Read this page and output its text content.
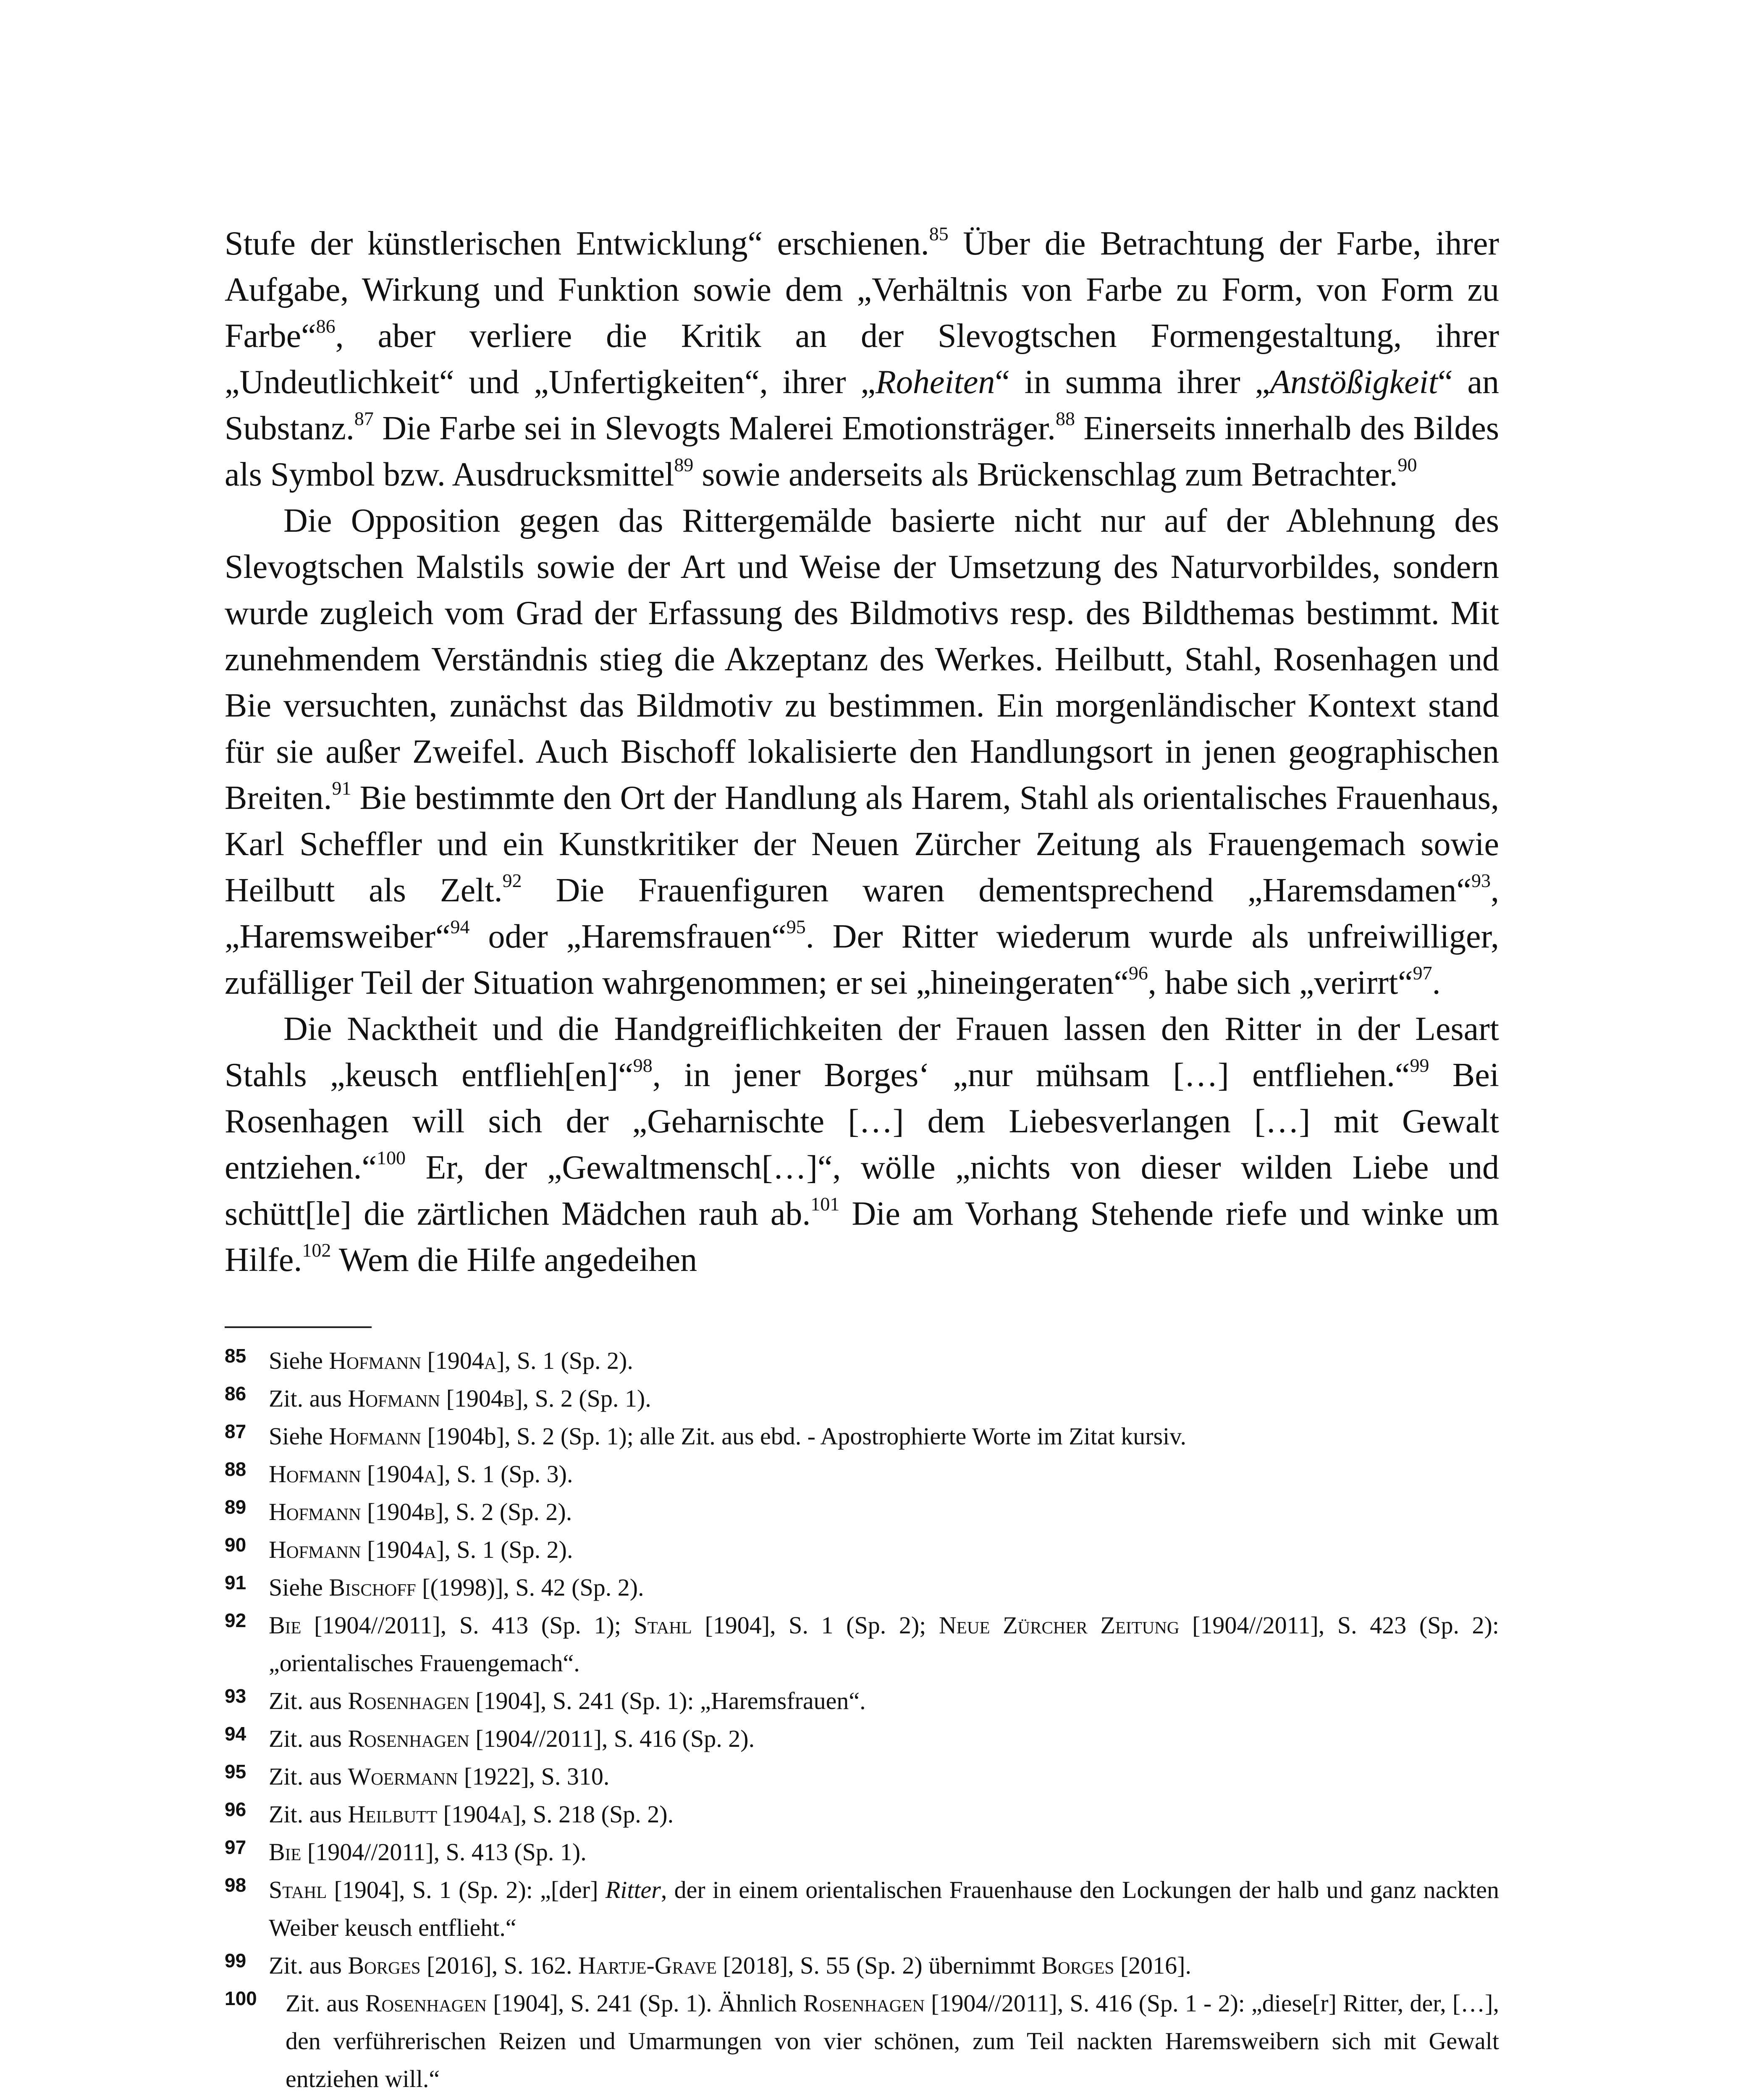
Stufe der künstlerischen Entwicklung“ erschienen.$^{85}$ Über die Betrachtung der Farbe, ihrer Aufgabe, Wirkung und Funktion sowie dem „Verhältnis von Farbe zu Form, von Form zu Farbe“$^{86}$, aber verliere die Kritik an der Slevogtschen Formengestaltung, ihrer „Undeutlichkeit“ und „Unfertigkeiten“, ihrer „Roheiten“ in summa ihrer „Anstößigkeit“ an Substanz.$^{87}$ Die Farbe sei in Slevogts Malerei Emotionsträger.$^{88}$ Einerseits innerhalb des Bildes als Symbol bzw. Ausdrucksmittel$^{89}$ sowie anderseits als Brückenschlag zum Betrachter.$^{90}$

Die Opposition gegen das Rittergemälde basierte nicht nur auf der Ablehnung des Slevogtschen Malstils sowie der Art und Weise der Umsetzung des Naturvorbildes, sondern wurde zugleich vom Grad der Erfassung des Bildmotivs resp. des Bildthemas bestimmt. Mit zunehmendem Verständnis stieg die Akzeptanz des Werkes. Heilbutt, Stahl, Rosenhagen und Bie versuchten, zunächst das Bildmotiv zu bestimmen. Ein morgenländischer Kontext stand für sie außer Zweifel. Auch Bischoff lokalisierte den Handlungsort in jenen geographischen Breiten.$^{91}$ Bie bestimmte den Ort der Handlung als Harem, Stahl als orientalisches Frauenhaus, Karl Scheffler und ein Kunstkritiker der Neuen Zürcher Zeitung als Frauengemach sowie Heilbutt als Zelt.$^{92}$ Die Frauenfiguren waren dementsprechend „Haremsdamen“$^{93}$, „Haremsweiber“$^{94}$ oder „Haremsfrauen“$^{95}$. Der Ritter wiederum wurde als unfreiwilliger, zufälliger Teil der Situation wahrgenommen; er sei „hineingeraten“$^{96}$, habe sich „verirrt“$^{97}$.

Die Nacktheit und die Handgreiflichkeiten der Frauen lassen den Ritter in der Lesart Stahls „keusch entflieh[en]“$^{98}$, in jener Borges‘ „nur mühsam […] entfliehen.“$^{99}$ Bei Rosenhagen will sich der „Geharnischte […] dem Liebesverlangen […] mit Gewalt entziehen.“$^{100}$ Er, der „Gewaltmensch[…]“, wölle „nichts von dieser wilden Liebe und schütt[le] die zärtlichen Mädchen rauh ab.$^{101}$ Die am Vorhang Stehende riefe und winke um Hilfe.$^{102}$ Wem die Hilfe angedeihen

85 Siehe Hofmann [1904a], S. 1 (Sp. 2).
86 Zit. aus Hofmann [1904b], S. 2 (Sp. 1).
87 Siehe Hofmann [1904b], S. 2 (Sp. 1); alle Zit. aus ebd. - Apostrophierte Worte im Zitat kursiv.
88 Hofmann [1904a], S. 1 (Sp. 3).
89 Hofmann [1904b], S. 2 (Sp. 2).
90 Hofmann [1904a], S. 1 (Sp. 2).
91 Siehe Bischoff [(1998)], S. 42 (Sp. 2).
92 Bie [1904//2011], S. 413 (Sp. 1); Stahl [1904], S. 1 (Sp. 2); Neue Zürcher Zeitung [1904//2011], S. 423 (Sp. 2): „orientalisches Frauengemach“.
93 Zit. aus Rosenhagen [1904], S. 241 (Sp. 1): „Haremsfrauen“.
94 Zit. aus Rosenhagen [1904//2011], S. 416 (Sp. 2).
95 Zit. aus Woermann [1922], S. 310.
96 Zit. aus Heilbutt [1904a], S. 218 (Sp. 2).
97 Bie [1904//2011], S. 413 (Sp. 1).
98 Stahl [1904], S. 1 (Sp. 2): „[der] Ritter, der in einem orientalischen Frauenhause den Lockungen der halb und ganz nackten Weiber keusch entflieht.“
99 Zit. aus Borges [2016], S. 162. Hartje-Grave [2018], S. 55 (Sp. 2) übernimmt Borges [2016].
100 Zit. aus Rosenhagen [1904], S. 241 (Sp. 1). Ähnlich Rosenhagen [1904//2011], S. 416 (Sp. 1 - 2): „diese[r] Ritter, der, […], den verführerischen Reizen und Umarmungen von vier schönen, zum Teil nackten Haremsweibern sich mit Gewalt entziehen will.“
